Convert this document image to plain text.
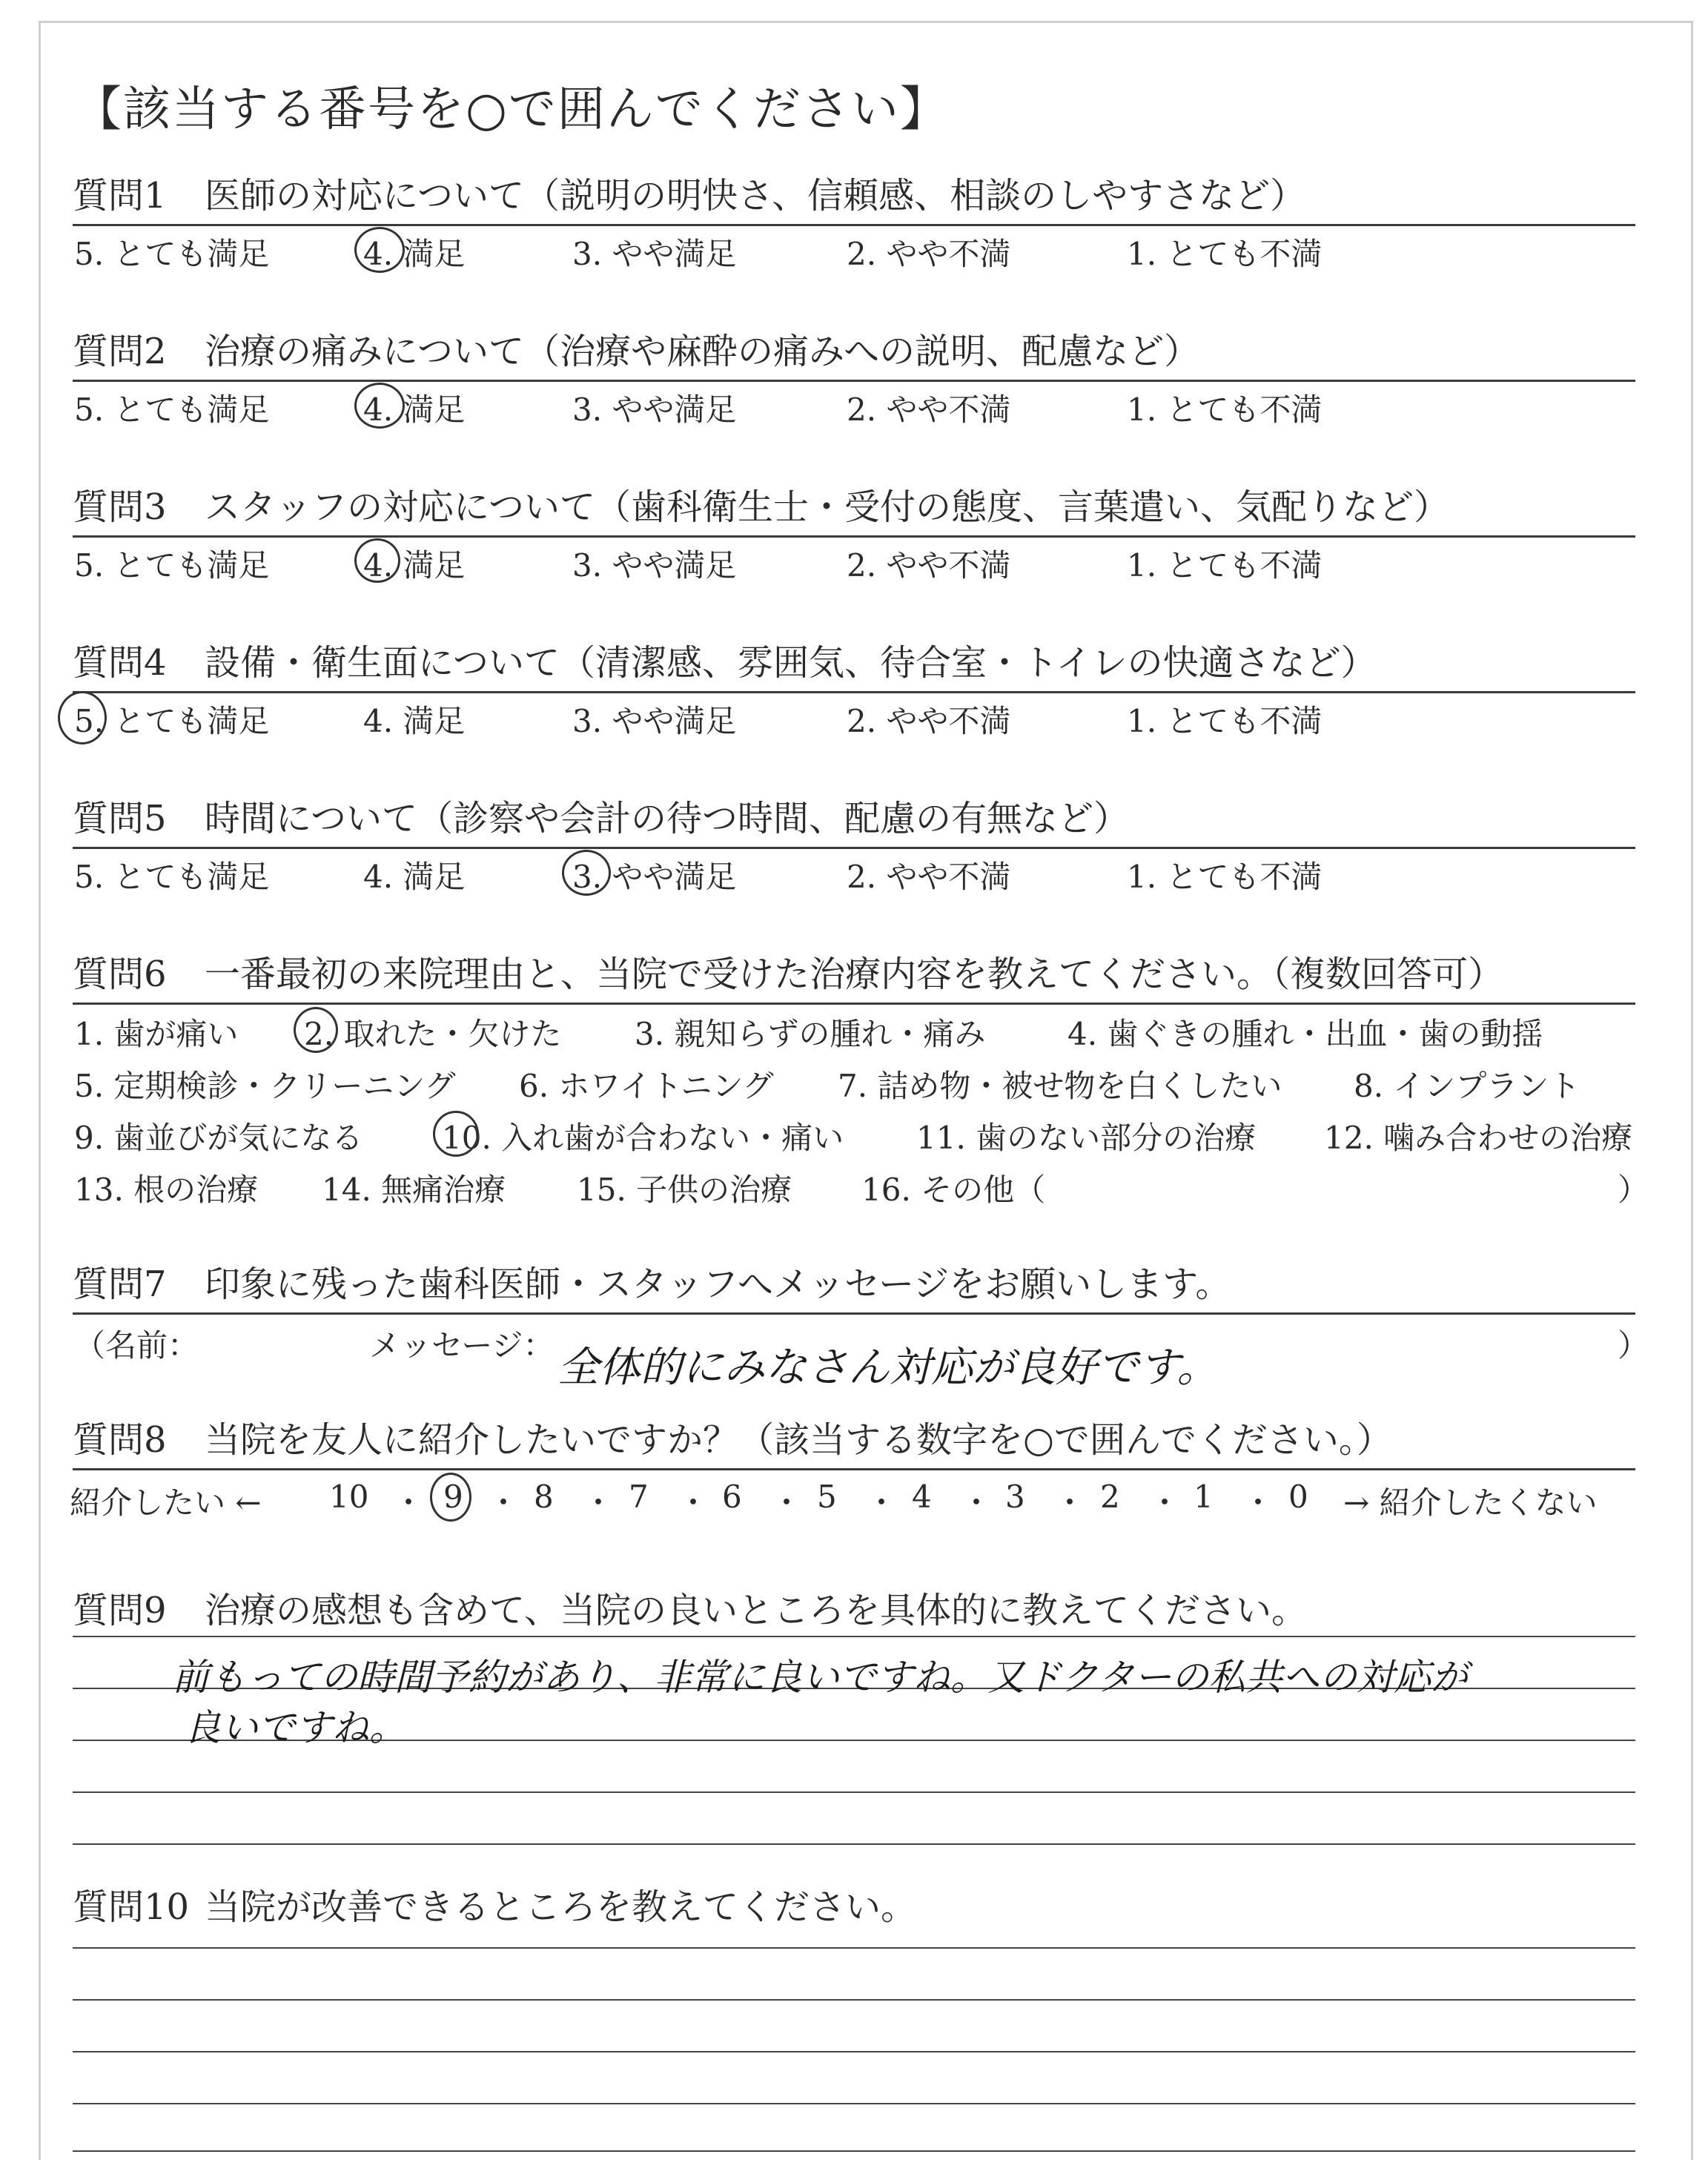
【該当する番号を○で囲んでください】
質問1 医師の対応について（説明の明快さ、信頼感、相談のしやすさなど）
5. とても満足	4. 満足	3. やや満足	2. やや不満	1. とても不満
質問2 治療の痛みについて（治療や麻酔の痛みへの説明、配慮など）
5. とても満足	4. 満足	3. やや満足	2. やや不満	1. とても不満
質問3 スタッフの対応について（歯科衛生士・受付の態度、言葉遣い、気配りなど）
5. とても満足	4. 満足	3. やや満足	2. やや不満	1. とても不満
質問4 設備・衛生面について（清潔感、雰囲気、待合室・トイレの快適さなど）
5. とても満足	4. 満足	3. やや満足	2. やや不満	1. とても不満
質問5 時間について（診察や会計の待つ時間、配慮の有無など）
5. とても満足	4. 満足	3. やや満足	2. やや不満	1. とても不満
質問6 一番最初の来院理由と、当院で受けた治療内容を教えてください。（複数回答可）
1. 歯が痛い 2. 取れた・欠けた 3. 親知らずの腫れ・痛み	4. 歯ぐきの腫れ・出血・歯の動揺
5. 定期検診・クリーニング 6. ホワイトニング 7. 詰め物・被せ物を白くしたい 8. インプラント
9. 歯並びが気になる	10. 入れ歯が合わない・痛い 11. 歯のない部分の治療 12. 噛み合わせの治療
13. 根の治療 14. 無痛治療 15. 子供の治療 16. その他（	）
質問7 印象に残った歯科医師・スタッフへメッセージをお願いします。
（名前：	メッセージ： 全体的にみなさん対応が良好です。	）
質問8 当院を友人に紹介したいですか？（該当する数字を○で囲んでください。）
紹介したい ← 10 ・ 9 ・ 8 ・ 7 ・ 6 ・ 5 ・ 4 ・ 3 ・ 2 ・ 1 ・ 0 → 紹介したくない
質問9 治療の感想も含めて、当院の良いところを具体的に教えてください。
前もっての時間予約があり、非常に良いですね。又ドクターの私共への対応が
良いですね。
質問10 当院が改善できるところを教えてください。
